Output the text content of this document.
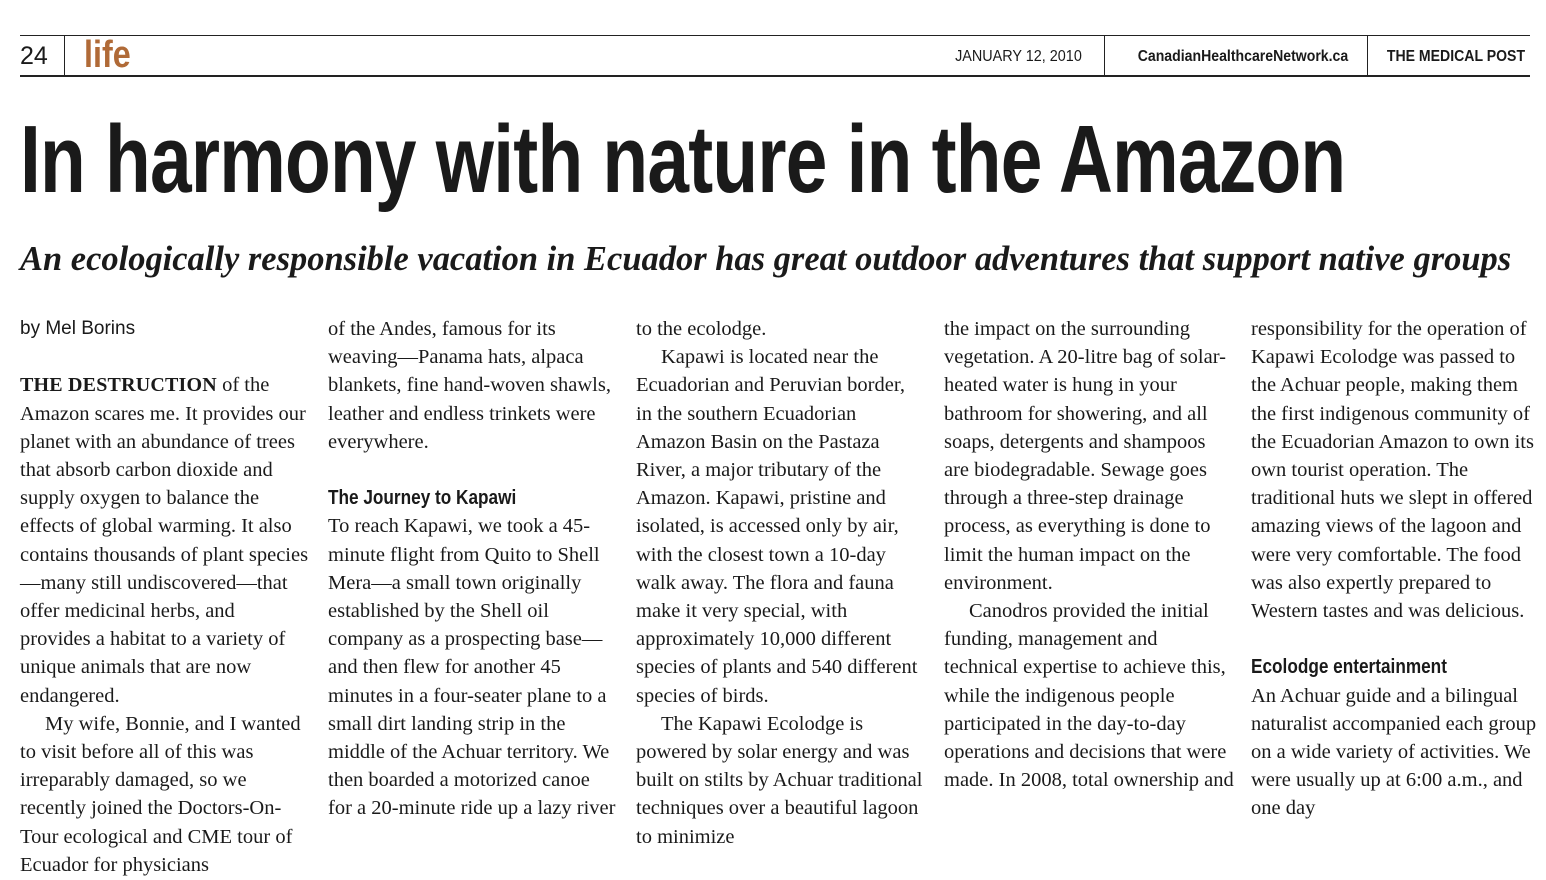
24 life	JANUARY 12, 2010	CanadianHealthcareNetwork.ca THE MEDICAL POST
In harmony with nature in the Amazon
An ecologically responsible vacation in Ecuador has great outdoor adventures that support native groups

by Mel Borins

THE DESTRUCTION of the Amazon scares me. It provides our planet with an abundance of trees that absorb carbon dioxide and supply oxygen to balance the effects of global warming. It also contains thousands of plant species—many still undiscovered—that offer medicinal herbs, and provides a habitat to a variety of unique animals that are now endangered.

My wife, Bonnie, and I wanted to visit before all of this was irreparably damaged, so we recently joined the Doctors-On-Tour ecological and CME tour of Ecuador for physicians

of the Andes, famous for its weaving—Panama hats, alpaca blankets, fine hand-woven shawls, leather and endless trinkets were everywhere.

The Journey to Kapawi

To reach Kapawi, we took a 45-minute flight from Quito to Shell Mera—a small town originally established by the Shell oil company as a prospecting base—and then flew for another 45 minutes in a four-seater plane to a small dirt landing strip in the middle of the Achuar territory. We then boarded a motorized canoe for a 20-minute ride up a lazy river

to the ecolodge.

Kapawi is located near the Ecuadorian and Peruvian border, in the southern Ecuadorian Amazon Basin on the Pastaza River, a major tributary of the Amazon. Kapawi, pristine and isolated, is accessed only by air, with the closest town a 10-day walk away. The flora and fauna make it very special, with approximately 10,000 different species of plants and 540 different species of birds.

The Kapawi Ecolodge is powered by solar energy and was built on stilts by Achuar traditional techniques over a beautiful lagoon to minimize

the impact on the surrounding vegetation. A 20-litre bag of solar-heated water is hung in your bathroom for showering, and all soaps, detergents and shampoos are biodegradable. Sewage goes through a three-step drainage process, as everything is done to limit the human impact on the environment.

Canodros provided the initial funding, management and technical expertise to achieve this, while the indigenous people participated in the day-to-day operations and decisions that were made. In 2008, total ownership and

responsibility for the operation of Kapawi Ecolodge was passed to the Achuar people, making them the first indigenous community of the Ecuadorian Amazon to own its own tourist operation. The traditional huts we slept in offered amazing views of the lagoon and were very comfortable. The food was also expertly prepared to Western tastes and was delicious.

Ecolodge entertainment

An Achuar guide and a bilingual naturalist accompanied each group on a wide variety of activities. We were usually up at 6:00 a.m., and one day
